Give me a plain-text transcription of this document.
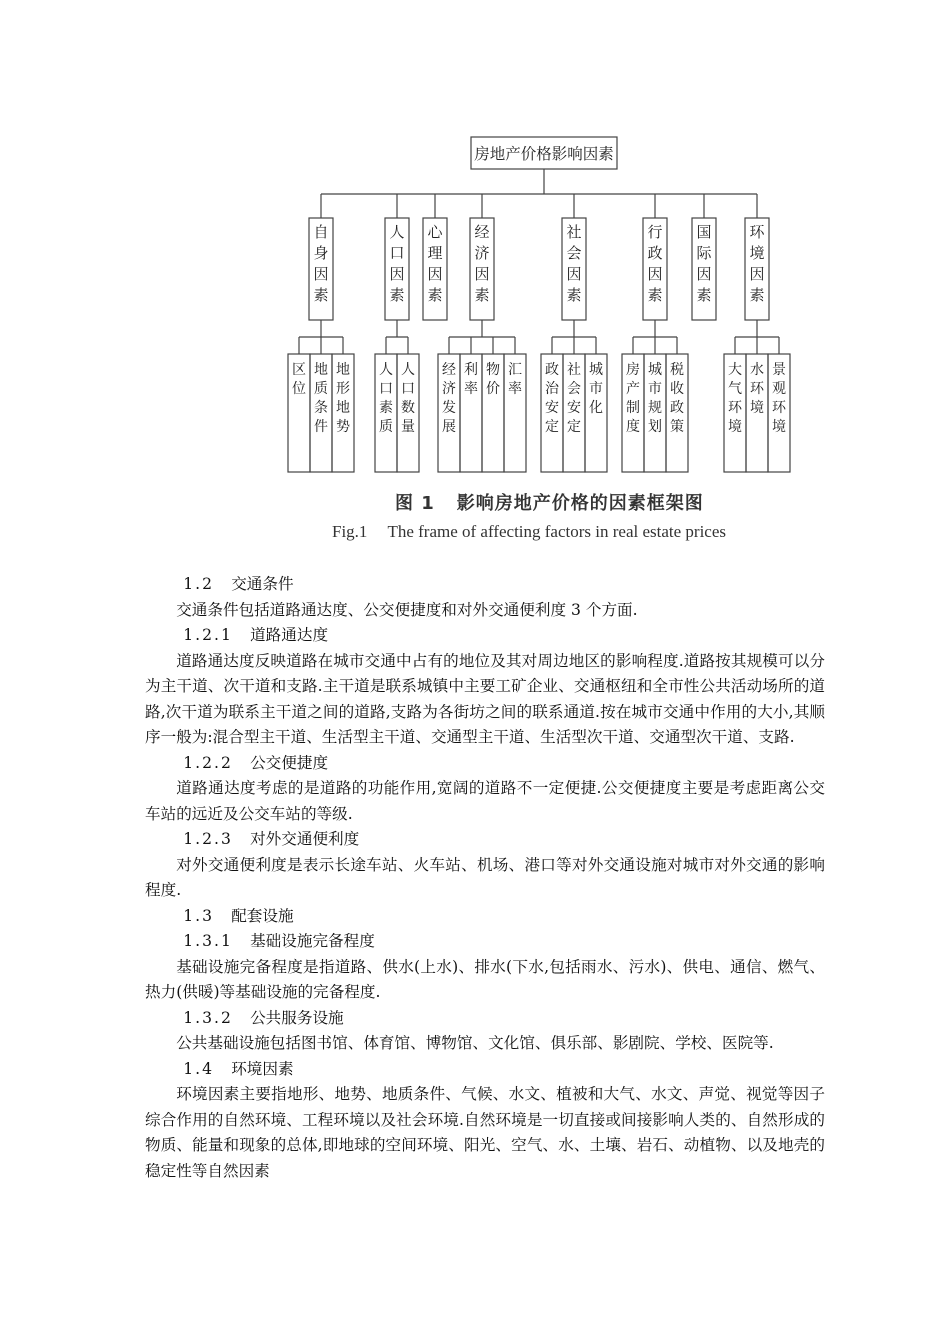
房地产价格影响因素
自身因素
区位
地质条件
地形地势
人口因素
人口素质
人口数量
心理因素
经济因素
经济发展
利率
物价
汇率
社会因素
政治安定
社会安定
城市化
行政因素
房产制度
城市规划
税收政策
国际因素
环境因素
大气环境
水环境
景观环境
图 1 影响房地产价格的因素框架图
Fig.1 The frame of affecting factors in real estate prices
1.2 交通条件

交通条件包括道路通达度、公交便捷度和对外交通便利度 3 个方面.

1.2.1 道路通达度

道路通达度反映道路在城市交通中占有的地位及其对周边地区的影响程度.道路按其规模可以分为主干道、次干道和支路.主干道是联系城镇中主要工矿企业、交通枢纽和全市性公共活动场所的道路,次干道为联系主干道之间的道路,支路为各街坊之间的联系通道.按在城市交通中作用的大小,其顺序一般为:混合型主干道、生活型主干道、交通型主干道、生活型次干道、交通型次干道、支路.

1.2.2 公交便捷度

道路通达度考虑的是道路的功能作用,宽阔的道路不一定便捷.公交便捷度主要是考虑距离公交车站的远近及公交车站的等级.

1.2.3 对外交通便利度

对外交通便利度是表示长途车站、火车站、机场、港口等对外交通设施对城市对外交通的影响程度.

1.3 配套设施
1.3.1 基础设施完备程度

基础设施完备程度是指道路、供水(上水)、排水(下水,包括雨水、污水)、供电、通信、燃气、热力(供暖)等基础设施的完备程度.

1.3.2 公共服务设施

公共基础设施包括图书馆、体育馆、博物馆、文化馆、俱乐部、影剧院、学校、医院等.

1.4 环境因素

环境因素主要指地形、地势、地质条件、气候、水文、植被和大气、水文、声觉、视觉等因子综合作用的自然环境、工程环境以及社会环境.自然环境是一切直接或间接影响人类的、自然形成的物质、能量和现象的总体,即地球的空间环境、阳光、空气、水、土壤、岩石、动植物、以及地壳的稳定性等自然因素
